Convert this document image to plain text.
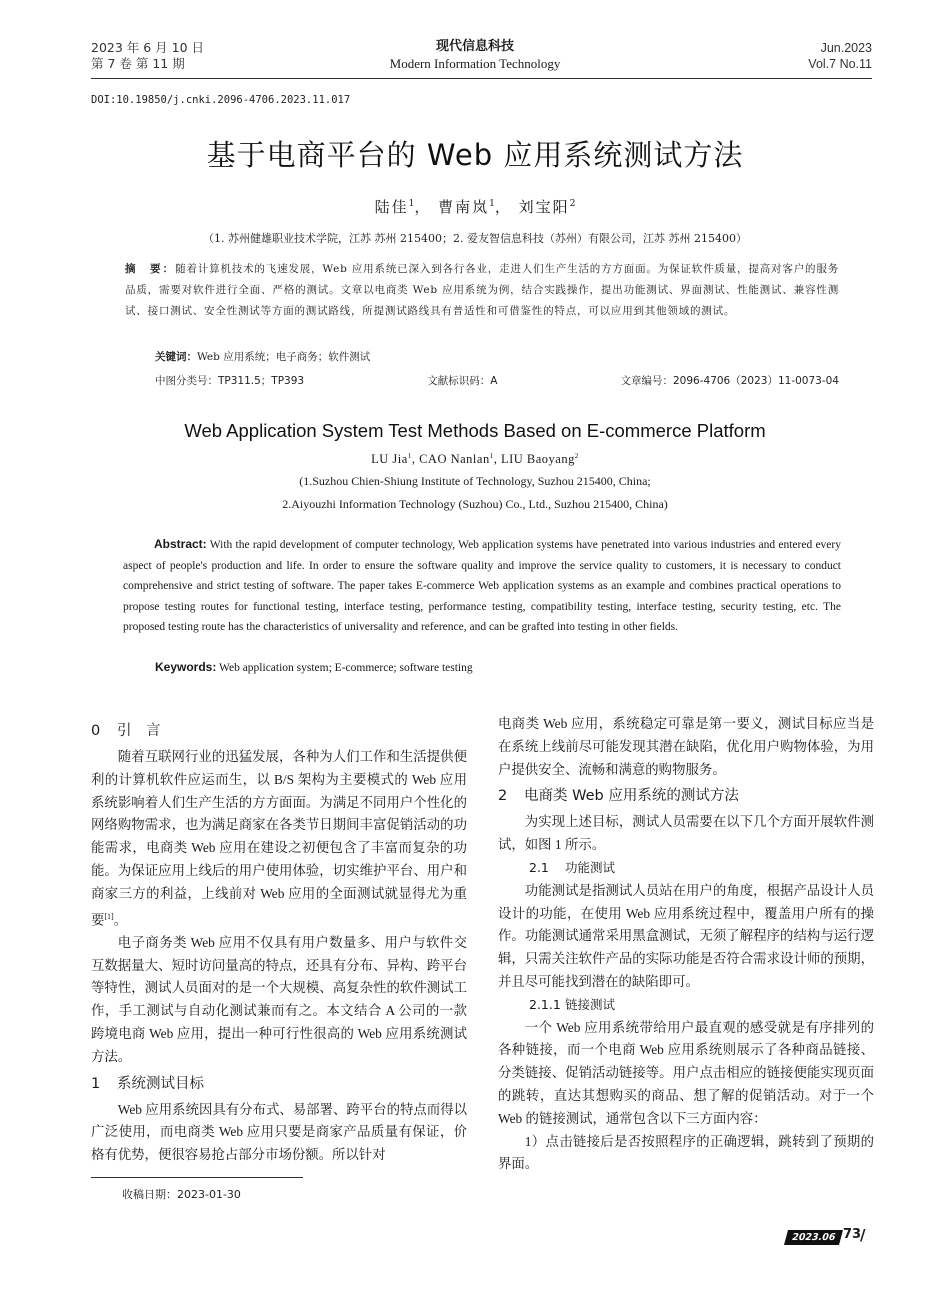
2023 年 6 月 10 日
第 7 卷 第 11 期
现代信息科技
Modern Information Technology
Jun.2023
Vol.7 No.11
DOI:10.19850/j.cnki.2096-4706.2023.11.017
基于电商平台的 Web 应用系统测试方法
陆佳$^1$， 曹南岚$^1$， 刘宝阳$^2$
（1. 苏州健雄职业技术学院，江苏 苏州 215400；2. 爱友智信息科技（苏州）有限公司，江苏 苏州 215400）
摘　要：随着计算机技术的飞速发展，Web 应用系统已深入到各行各业，走进人们生产生活的方方面面。为保证软件质量，提高对客户的服务品质，需要对软件进行全面、严格的测试。文章以电商类 Web 应用系统为例，结合实践操作，提出功能测试、界面测试、性能测试、兼容性测试、接口测试、安全性测试等方面的测试路线，所提测试路线具有普适性和可借鉴性的特点，可以应用到其他领域的测试。
关键词：Web 应用系统；电子商务；软件测试
中图分类号：TP311.5；TP393	文献标识码：A	文章编号：2096-4706（2023）11-0073-04
Web Application System Test Methods Based on E-commerce Platform
LU Jia$^1$, CAO Nanlan$^1$, LIU Baoyang$^2$
(1.Suzhou Chien-Shiung Institute of Technology, Suzhou 215400, China;
2.Aiyouzhi Information Technology (Suzhou) Co., Ltd., Suzhou 215400, China)
Abstract: With the rapid development of computer technology, Web application systems have penetrated into various industries and entered every aspect of people's production and life. In order to ensure the software quality and improve the service quality to customers, it is necessary to conduct comprehensive and strict testing of software. The paper takes E-commerce Web application systems as an example and combines practical operations to propose testing routes for functional testing, interface testing, performance testing, compatibility testing, interface testing, security testing, etc. The proposed testing route has the characteristics of universality and reference, and can be grafted into testing in other fields.
Keywords: Web application system; E-commerce; software testing
0 引　言

随着互联网行业的迅猛发展，各种为人们工作和生活提供便利的计算机软件应运而生，以 B/S 架构为主要模式的 Web 应用系统影响着人们生产生活的方方面面。为满足不同用户个性化的网络购物需求，也为满足商家在各类节日期间丰富促销活动的功能需求，电商类 Web 应用在建设之初便包含了丰富而复杂的功能。为保证应用上线后的用户使用体验，切实维护平台、用户和商家三方的利益，上线前对 Web 应用的全面测试就显得尤为重要[1]。

电子商务类 Web 应用不仅具有用户数量多、用户与软件交互数据量大、短时访问量高的特点，还具有分布、异构、跨平台等特性，测试人员面对的是一个大规模、高复杂性的软件测试工作，手工测试与自动化测试兼而有之。本文结合 A 公司的一款跨境电商 Web 应用，提出一种可行性很高的 Web 应用系统测试方法。

1 系统测试目标

Web 应用系统因具有分布式、易部署、跨平台的特点而得以广泛使用，而电商类 Web 应用只要是商家产品质量有保证，价格有优势，便很容易抢占部分市场份额。所以针对

电商类 Web 应用，系统稳定可靠是第一要义，测试目标应当是在系统上线前尽可能发现其潜在缺陷，优化用户购物体验，为用户提供安全、流畅和满意的购物服务。

2 电商类 Web 应用系统的测试方法

为实现上述目标，测试人员需要在以下几个方面开展软件测试，如图 1 所示。

2.1 功能测试

功能测试是指测试人员站在用户的角度，根据产品设计人员设计的功能，在使用 Web 应用系统过程中，覆盖用户所有的操作。功能测试通常采用黑盒测试，无须了解程序的结构与运行逻辑，只需关注软件产品的实际功能是否符合需求设计师的预期，并且尽可能找到潜在的缺陷即可。

2.1.1 链接测试

一个 Web 应用系统带给用户最直观的感受就是有序排列的各种链接，而一个电商 Web 应用系统则展示了各种商品链接、分类链接、促销活动链接等。用户点击相应的链接便能实现页面的跳转，直达其想购买的商品、想了解的促销活动。对于一个 Web 的链接测试，通常包含以下三方面内容：

1）点击链接后是否按照程序的正确逻辑，跳转到了预期的界面。

收稿日期：2023-01-30
2023.06 73
/
